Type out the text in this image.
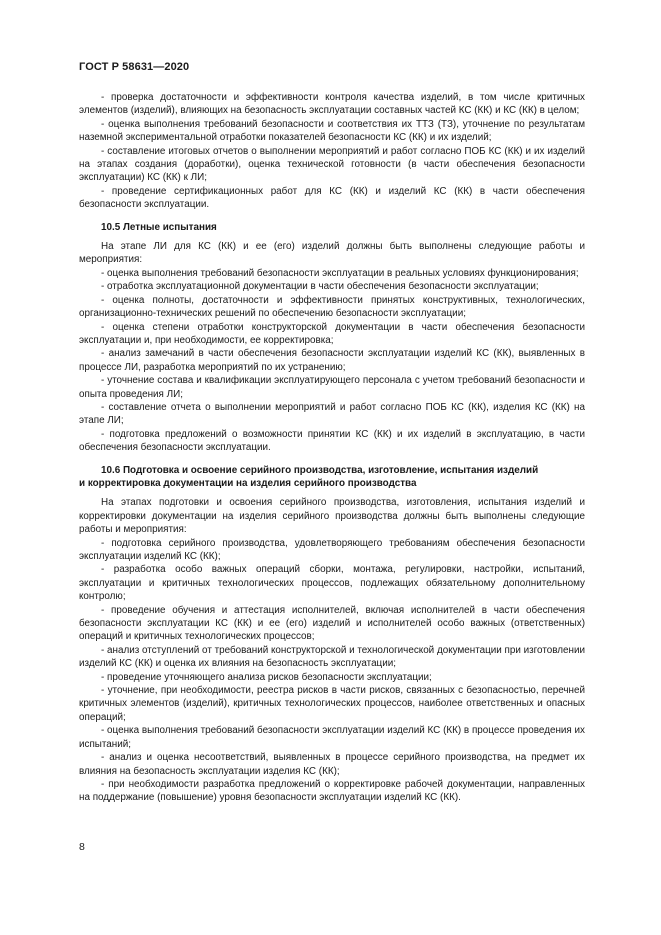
ГОСТ Р 58631—2020

- проверка достаточности и эффективности контроля качества изделий, в том числе критичных элементов (изделий), влияющих на безопасность эксплуатации составных частей КС (КК) и КС (КК) в целом;

- оценка выполнения требований безопасности и соответствия их ТТЗ (ТЗ), уточнение по результатам наземной экспериментальной отработки показателей безопасности КС (КК) и их изделий;

- составление итоговых отчетов о выполнении мероприятий и работ согласно ПОБ КС (КК) и их изделий на этапах создания (доработки), оценка технической готовности (в части обеспечения безопасности эксплуатации) КС (КК) к ЛИ;

- проведение сертификационных работ для КС (КК) и изделий КС (КК) в части обеспечения безопасности эксплуатации.

10.5 Летные испытания

На этапе ЛИ для КС (КК) и ее (его) изделий должны быть выполнены следующие работы и мероприятия:

- оценка выполнения требований безопасности эксплуатации в реальных условиях функционирования;

- отработка эксплуатационной документации в части обеспечения безопасности эксплуатации;

- оценка полноты, достаточности и эффективности принятых конструктивных, технологических, организационно-технических решений по обеспечению безопасности эксплуатации;

- оценка степени отработки конструкторской документации в части обеспечения безопасности эксплуатации и, при необходимости, ее корректировка;

- анализ замечаний в части обеспечения безопасности эксплуатации изделий КС (КК), выявленных в процессе ЛИ, разработка мероприятий по их устранению;

- уточнение состава и квалификации эксплуатирующего персонала с учетом требований безопасности и опыта проведения ЛИ;

- составление отчета о выполнении мероприятий и работ согласно ПОБ КС (КК), изделия КС (КК) на этапе ЛИ;

- подготовка предложений о возможности принятии КС (КК) и их изделий в эксплуатацию, в части обеспечения безопасности эксплуатации.

10.6 Подготовка и освоение серийного производства, изготовление, испытания изделий

и корректировка документации на изделия серийного производства

На этапах подготовки и освоения серийного производства, изготовления, испытания изделий и корректировки документации на изделия серийного производства должны быть выполнены следующие работы и мероприятия:

- подготовка серийного производства, удовлетворяющего требованиям обеспечения безопасности эксплуатации изделий КС (КК);

- разработка особо важных операций сборки, монтажа, регулировки, настройки, испытаний, эксплуатации и критичных технологических процессов, подлежащих обязательному дополнительному контролю;

- проведение обучения и аттестация исполнителей, включая исполнителей в части обеспечения безопасности эксплуатации КС (КК) и ее (его) изделий и исполнителей особо важных (ответственных) операций и критичных технологических процессов;

- анализ отступлений от требований конструкторской и технологической документации при изготовлении изделий КС (КК) и оценка их влияния на безопасность эксплуатации;

- проведение уточняющего анализа рисков безопасности эксплуатации;

- уточнение, при необходимости, реестра рисков в части рисков, связанных с безопасностью, перечней критичных элементов (изделий), критичных технологических процессов, наиболее ответственных и опасных операций;

- оценка выполнения требований безопасности эксплуатации изделий КС (КК) в процессе проведения их испытаний;

- анализ и оценка несоответствий, выявленных в процессе серийного производства, на предмет их влияния на безопасность эксплуатации изделия КС (КК);

- при необходимости разработка предложений о корректировке рабочей документации, направленных на поддержание (повышение) уровня безопасности эксплуатации изделий КС (КК).

8
